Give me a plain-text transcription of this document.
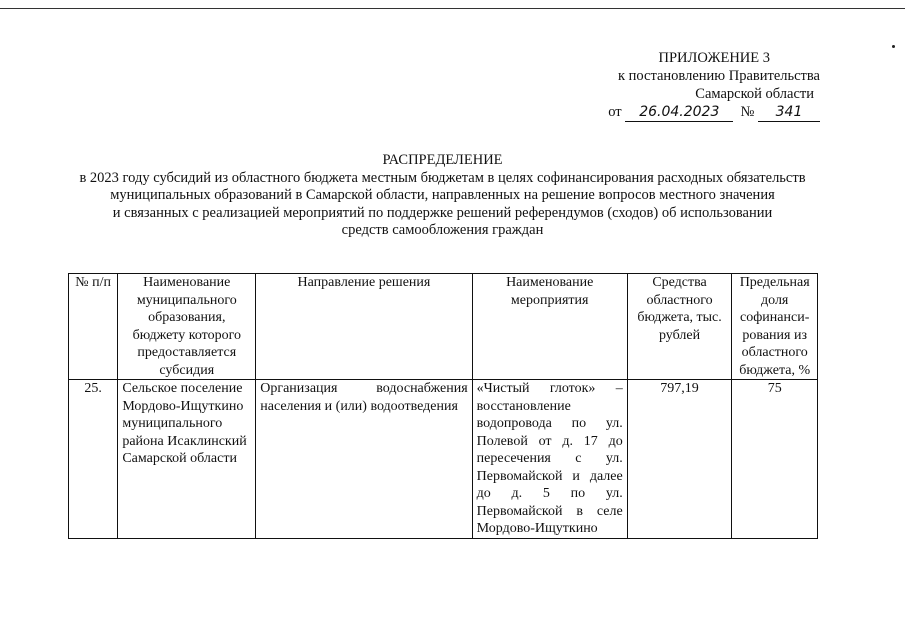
ПРИЛОЖЕНИЕ 3
к постановлению Правительства
Самарской области
от 26.04.2023 № 341
РАСПРЕДЕЛЕНИЕ
в 2023 году субсидий из областного бюджета местным бюджетам в целях софинансирования расходных обязательств
муниципальных образований в Самарской области, направленных на решение вопросов местного значения
и связанных с реализацией мероприятий по поддержке решений референдумов (сходов) об использовании
средств самообложения граждан
№ п/п	Наименование муниципального образования, бюджету которого предоставляется субсидия	Направление решения	Наименование мероприятия	Средства областного бюджета, тыс. рублей	Предельная доля софинанси-рования из областного бюджета, %
25.	Сельское поселение Мордово-Ищуткино муниципального района Исаклинский Самарской области	Организация водоснабжения населения и (или) водоотведения	«Чистый глоток» – восстановление водопровода по ул. Полевой от д. 17 до пересечения с ул. Первомайской и далее до д. 5 по ул. Первомайской в селе Мордово-Ищуткино	797,19	75
